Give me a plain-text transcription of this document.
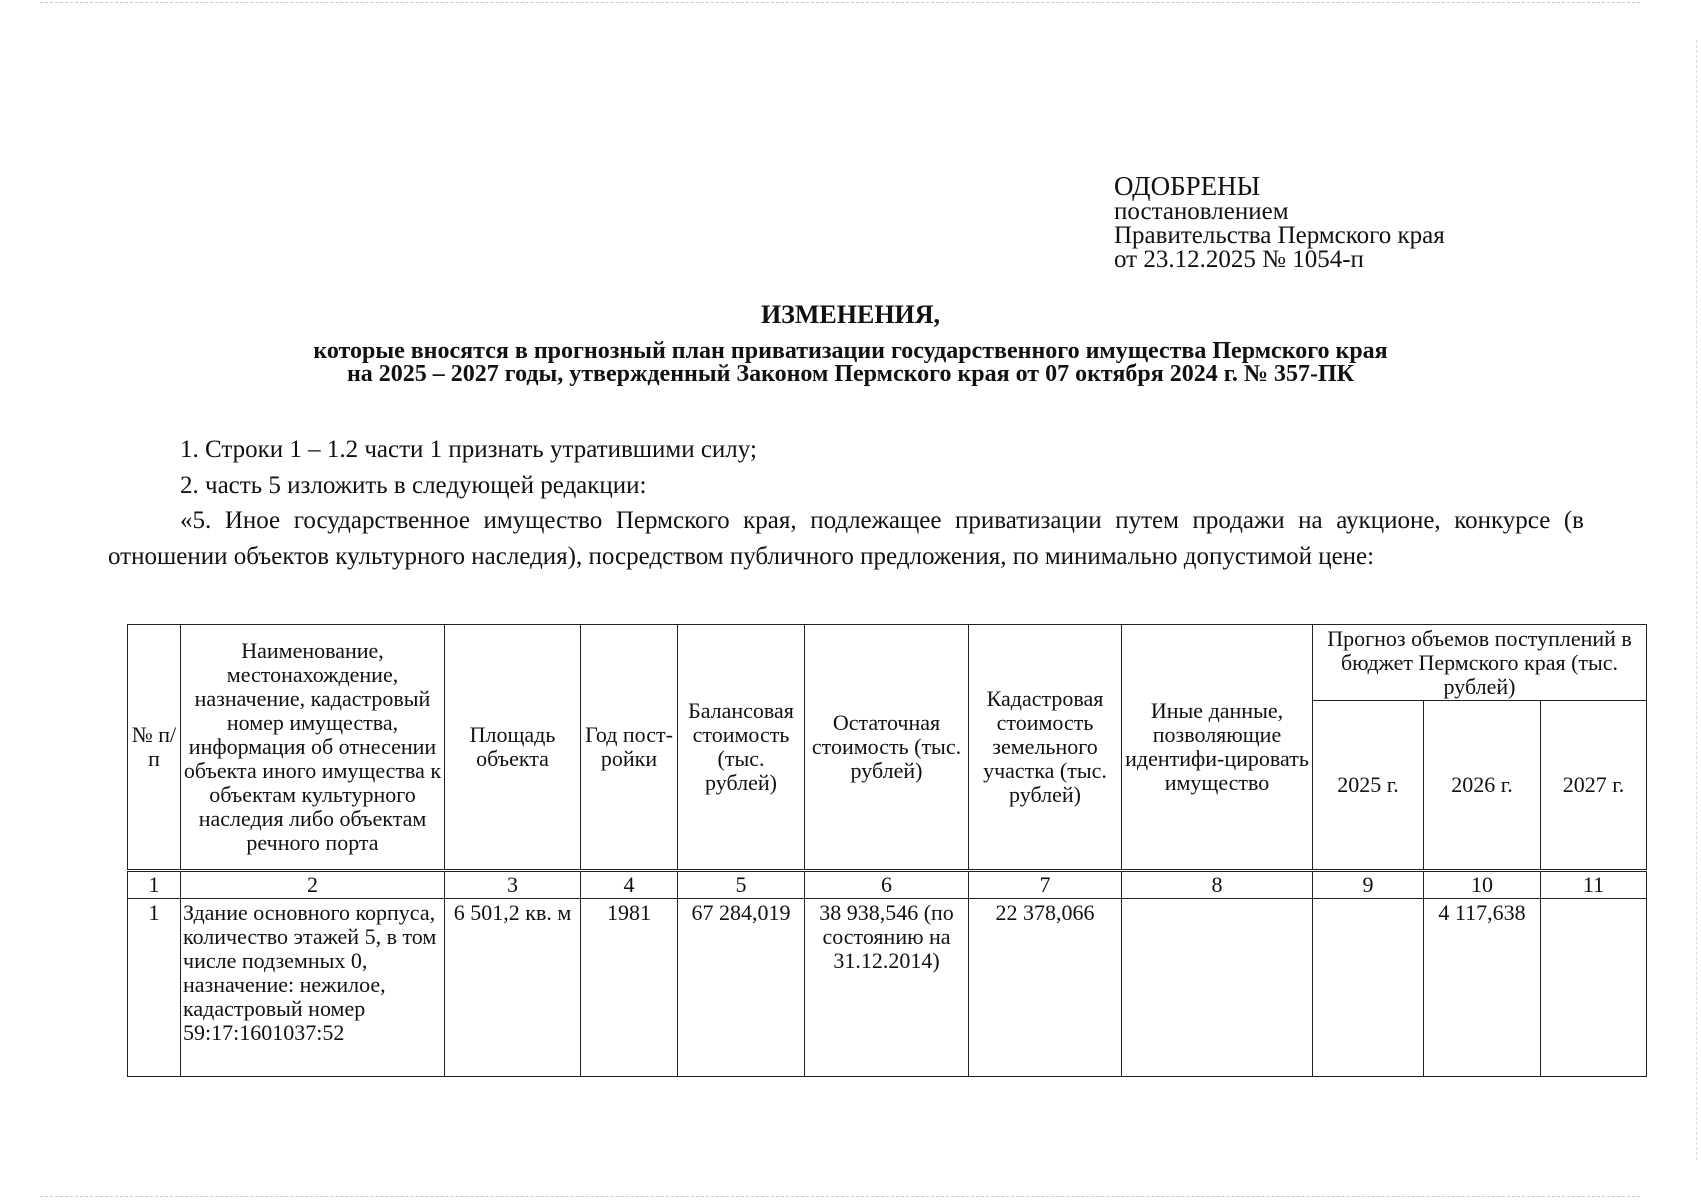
ОДОБРЕНЫ
постановлением
Правительства Пермского края
от 23.12.2025 № 1054-п
ИЗМЕНЕНИЯ,
которые вносятся в прогнозный план приватизации государственного имущества Пермского края
на 2025 – 2027 годы, утвержденный Законом Пермского края от 07 октября 2024 г. № 357-ПК
1. Строки 1 – 1.2 части 1 признать утратившими силу;
2. часть 5 изложить в следующей редакции:
«5. Иное государственное имущество Пермского края, подлежащее приватизации путем продажи на аукционе, конкурсе (в отношении объектов культурного наследия), посредством публичного предложения, по минимально допустимой цене:
№ п/п	Наименование, местонахождение, назначение, кадастровый номер имущества, информация об отнесении объекта иного имущества к объектам культурного наследия либо объектам речного порта	Площадь объекта	Год пост-ройки	Балансовая стоимость (тыс. рублей)	Остаточная стоимость (тыс. рублей)	Кадастровая стоимость земельного участка (тыс. рублей)	Иные данные, позволяющие идентифи-цировать имущество	Прогноз объемов поступлений в бюджет Пермского края (тыс. рублей)		
								2025 г.	2026 г.	2027 г.
1	2	3	4	5	6	7	8	9	10	11
1	Здание основного корпуса, количество этажей 5, в том числе подземных 0, назначение: нежилое, кадастровый номер 59:17:1601037:52	6 501,2 кв. м	1981	67 284,019	38 938,546 (по состоянию на 31.12.2014)	22 378,066			4 117,638	
